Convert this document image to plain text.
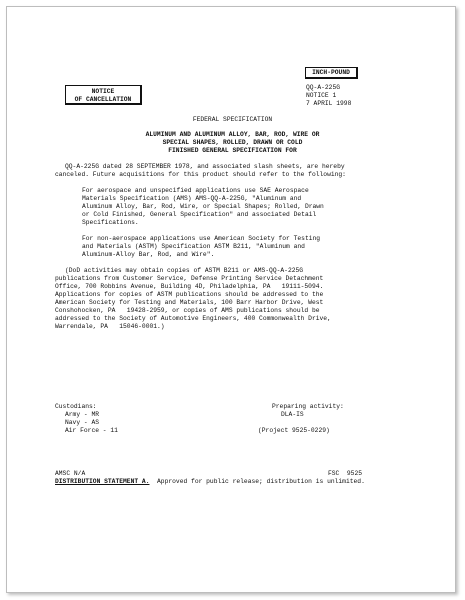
INCH-POUND
QQ-A-225G
NOTICE 1
7 APRIL 1998
NOTICE
OF CANCELLATION
FEDERAL SPECIFICATION
ALUMINUM AND ALUMINUM ALLOY, BAR, ROD, WIRE OR
SPECIAL SHAPES, ROLLED, DRAWN OR COLD
FINISHED GENERAL SPECIFICATION FOR
QQ-A-225G dated 28 SEPTEMBER 1978, and associated slash sheets, are hereby
canceled. Future acquisitions for this product should refer to the following:
For aerospace and unspecified applications use SAE Aerospace
Materials Specification (AMS) AMS-QQ-A-225G, "Aluminum and
Aluminum Alloy, Bar, Rod, Wire, or Special Shapes; Rolled, Drawn
or Cold Finished, General Specification" and associated Detail
Specifications.
For non-aerospace applications use American Society for Testing
and Materials (ASTM) Specification ASTM B211, "Aluminum and
Aluminum-Alloy Bar, Rod, and Wire".
(DoD activities may obtain copies of ASTM B211 or AMS-QQ-A-225G
publications from Customer Service, Defense Printing Service Detachment
Office, 700 Robbins Avenue, Building 4D, Philadelphia, PA   19111-5094.
Applications for copies of ASTM publications should be addressed to the
American Society for Testing and Materials, 100 Barr Harbor Drive, West
Conshohocken, PA   19428-2959, or copies of AMS publications should be
addressed to the Society of Automotive Engineers, 400 Commonwealth Drive,
Warrendale, PA   15046-0001.)
Custodians:
Army - MR
Navy - AS
Air Force - 11
Preparing activity:
DLA-IS
(Project 9525-0229)
AMSC N/A	FSC  9525
DISTRIBUTION STATEMENT A.  Approved for public release; distribution is unlimited.
